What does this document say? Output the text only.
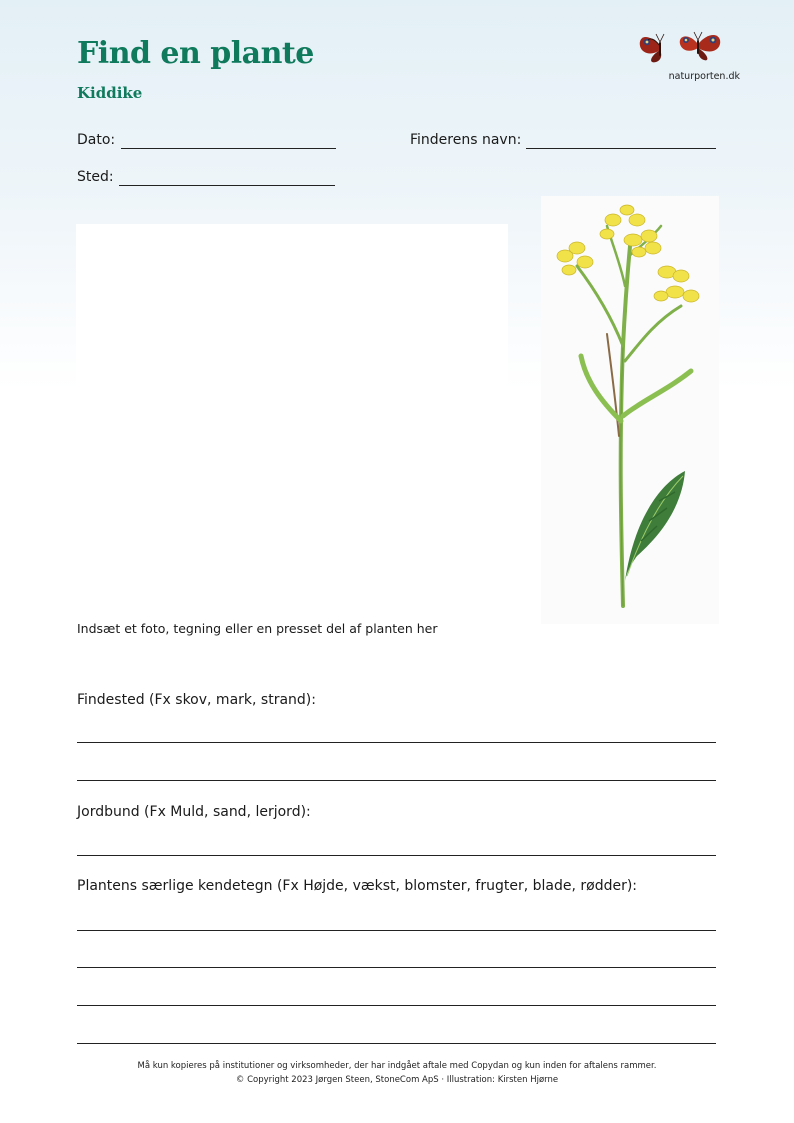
Find en plante
Kiddike
naturporten.dk
Dato:	Finderens navn:
Sted:
Indsæt et foto, tegning eller en presset del af planten her
Findested (Fx skov, mark, strand):
Jordbund (Fx Muld, sand, lerjord):
Plantens særlige kendetegn (Fx Højde, vækst, blomster, frugter, blade, rødder):
Må kun kopieres på institutioner og virksomheder, der har indgået aftale med Copydan og kun inden for aftalens rammer.
© Copyright 2023 Jørgen Steen, StoneCom ApS · Illustration: Kirsten Hjørne
